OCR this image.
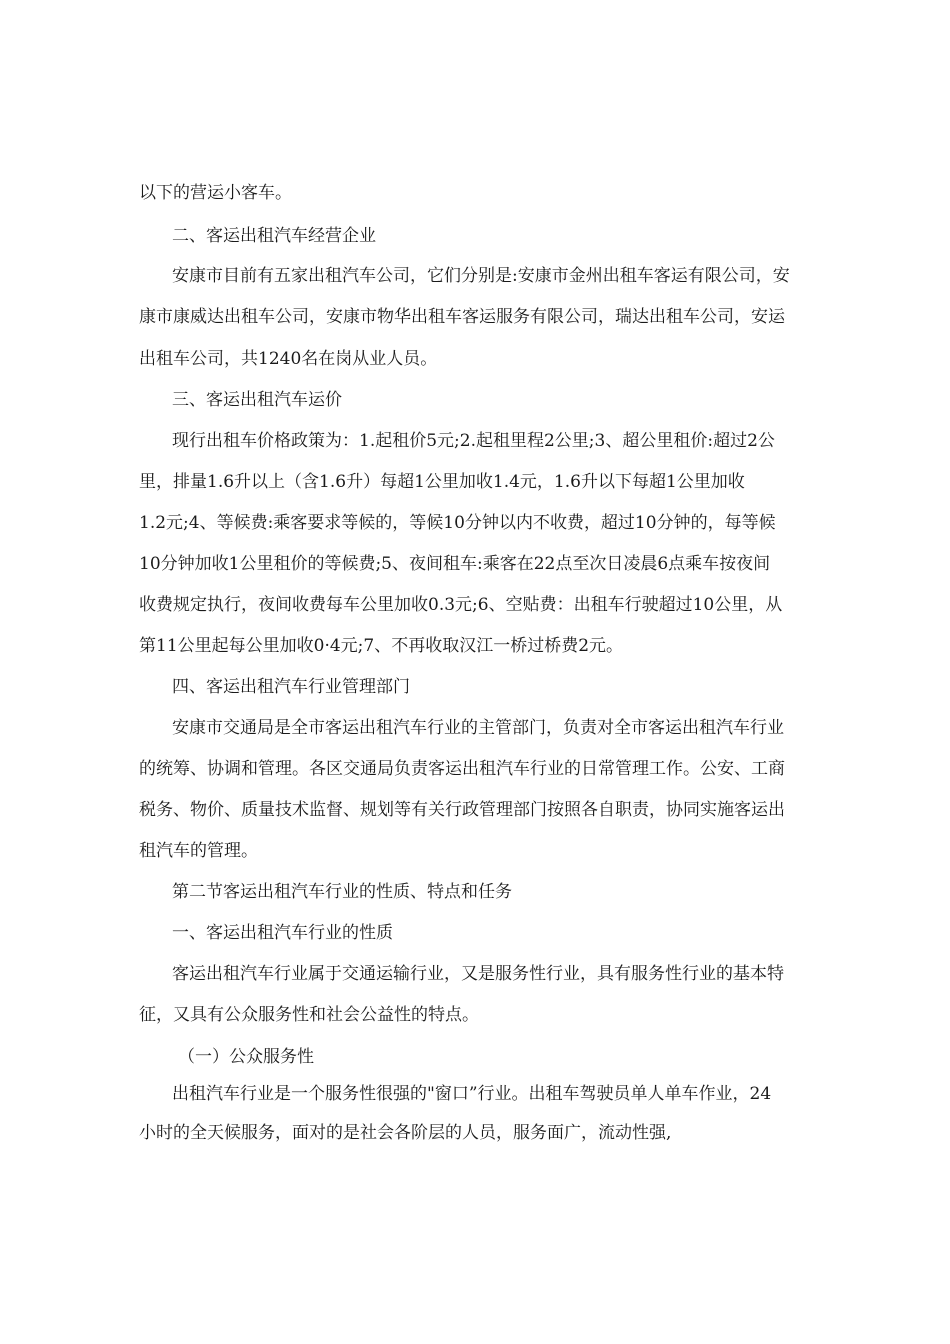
以下的营运小客车。
二、客运出租汽车经营企业
安康市目前有五家出租汽车公司，它们分别是:安康市金州出租车客运有限公司，安
康市康威达出租车公司，安康市物华出租车客运服务有限公司，瑞达出租车公司，安运
出租车公司，共1240名在岗从业人员。
三、客运出租汽车运价
现行出租车价格政策为：1.起租价5元;2.起租里程2公里;3、超公里租价:超过2公
里，排量1.6升以上（含1.6升）每超1公里加收1.4元，1.6升以下每超1公里加收
1.2元;4、等候费:乘客要求等候的，等候10分钟以内不收费，超过10分钟的，每等候
10分钟加收1公里租价的等候费;5、夜间租车:乘客在22点至次日凌晨6点乘车按夜间
收费规定执行，夜间收费每车公里加收0.3元;6、空贴费：出租车行驶超过10公里，从
第11公里起每公里加收0·4元;7、不再收取汉江一桥过桥费2元。
四、客运出租汽车行业管理部门
安康市交通局是全市客运出租汽车行业的主管部门，负责对全市客运出租汽车行业
的统筹、协调和管理。各区交通局负责客运出租汽车行业的日常管理工作。公安、工商
税务、物价、质量技术监督、规划等有关行政管理部门按照各自职责，协同实施客运出
租汽车的管理。
第二节客运出租汽车行业的性质、特点和任务
一、客运出租汽车行业的性质
客运出租汽车行业属于交通运输行业，又是服务性行业，具有服务性行业的基本特
征，又具有公众服务性和社会公益性的特点。
（一）公众服务性
出租汽车行业是一个服务性很强的"窗口”行业。出租车驾驶员单人单车作业，24
小时的全天候服务，面对的是社会各阶层的人员，服务面广，流动性强,
